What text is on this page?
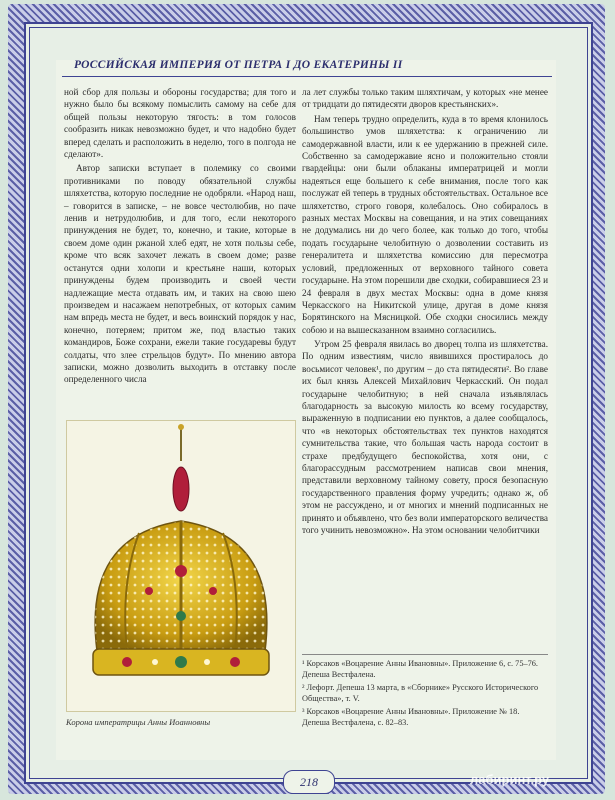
РОССИЙСКАЯ ИМПЕРИЯ ОТ ПЕТРА I ДО ЕКАТЕРИНЫ II

ной сбор для пользы и обороны государства; для того и нужно было бы всякому помыслить самому на себе для общей пользы некоторую тягость: в том голосов сообразить никак невозможно будет, и что надобно будет вперед сделать и расположить в неделю, того в полгода не сделают».

Автор записки вступает в полемику со своими противниками по поводу обязательной службы шляхетства, которую последние не одобряли. «Народ наш, – говорится в записке, – не вовсе честолюбив, но паче ленив и нетрудолюбив, и для того, если некоторого принуждения не будет, то, конечно, и такие, которые в своем доме один ржаной хлеб едят, не хотя пользы себе, кроме что всяк захочет лежать в своем доме; разве останутся одни холопи и крестьяне наши, которых принуждены будем производить и своей чести надлежащие места отдавать им, и таких на свою шею произведем и насажаем непотребных, от которых самим нам впредь места не будет, и весь воинский порядок у нас, конечно, потеряем; притом же, под властью таких командиров, Боже сохрани, ежели такие государевы будут солдаты, что злее стрельцов будут». По мнению автора записки, можно дозволить выходить в отставку после определенного числа

ла лет службы только таким шляхтичам, у которых «не менее от тридцати до пятидесяти дворов крестьянских».

Нам теперь трудно определить, куда в то время клонилось большинство умов шляхетства: к ограничению ли самодержавной власти, или к ее удержанию в прежней силе. Собственно за самодержавие ясно и положительно стояли гвардейцы: они были облаканы императрицей и могли надеяться еще большего к себе внимания, после того как послужат ей теперь в трудных обстоятельствах. Остальное все шляхетство, строго говоря, колебалось. Оно собиралось в разных местах Москвы на совещания, и на этих совещаниях не додумались ни до чего более, как только до того, чтобы подать государыне челобитную о дозволении составить из генералитета и шляхетства комиссию для пересмотра условий, предложенных от верховного тайного совета государыне. На этом порешили две сходки, собиравшиеся 23 и 24 февраля в двух местах Москвы: одна в доме князя Черкасского на Никитской улице, другая в доме князя Борятинского на Мясницкой. Обе сходки сносились между собою и на вышесказанном взаимно согласились.

Утром 25 февраля явилась во дворец толпа из шляхетства. По одним известиям, число явившихся простиралось до восьмисот человек¹, по другим – до ста пятидесяти². Во главе их был князь Алексей Михайлович Черкасский. Он подал государыне челобитную; в ней сначала изъявлялась благодарность за высокую милость ко всему государству, выраженную в подписании ею пунктов, а далее сообщалось, что «в некоторых обстоятельствах тех пунктов находятся сумнительства такие, что большая часть народа состоит в страхе предбудущего беспокойства, хотя они, с благорассудным рассмотрением написав свои мнения, представили верховному тайному совету, прося безопасную государственного правления форму учредить; однако ж, об этом не рассуждено, и от многих и мнений подписанных не принято и объявлено, что без воли императорского величества того учинить невозможно». На этом основании челобитчики

Корона императрицы Анны Иоанновны

¹ Корсаков «Воцарение Анны Ивановны». Приложение 6, с. 75–76. Депеша Вестфалена.

² Лефорт. Депеша 13 марта, в «Сборнике» Русского Исторического Общества», т. V.

³ Корсаков «Воцарение Анны Ивановны». Приложение № 18. Депеша Вестфалена, с. 82–83.

218	лабиринт.ру
